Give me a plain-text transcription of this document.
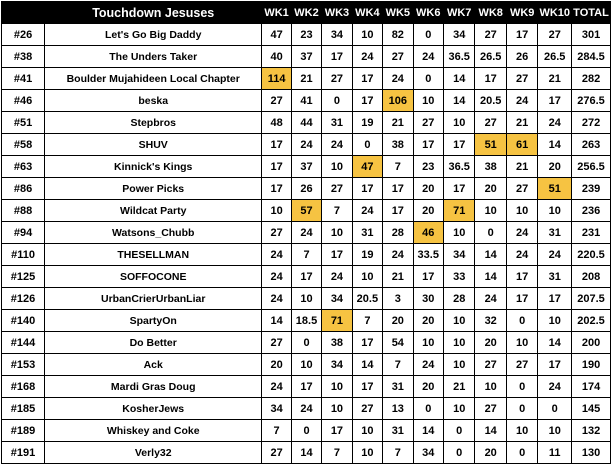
	Touchdown Jesuses	WK1	WK2	WK3	WK4	WK5	WK6	WK7	WK8	WK9	WK10	TOTAL
#26	Let's Go Big Daddy	47	23	34	10	82	0	34	27	17	27	301
#38	The Unders Taker	40	37	17	24	27	24	36.5	26.5	26	26.5	284.5
#41	Boulder Mujahideen Local Chapter	114	21	27	17	24	0	14	17	27	21	282
#46	beska	27	41	0	17	106	10	14	20.5	24	17	276.5
#51	Stepbros	48	44	31	19	21	27	10	27	21	24	272
#58	SHUV	17	24	24	0	38	17	17	51	61	14	263
#63	Kinnick's Kings	17	37	10	47	7	23	36.5	38	21	20	256.5
#86	Power Picks	17	26	27	17	17	20	17	20	27	51	239
#88	Wildcat Party	10	57	7	24	17	20	71	10	10	10	236
#94	Watsons_Chubb	27	24	10	31	28	46	10	0	24	31	231
#110	THESELLMAN	24	7	17	19	24	33.5	34	14	24	24	220.5
#125	SOFFOCONE	24	17	24	10	21	17	33	14	17	31	208
#126	UrbanCrierUrbanLiar	24	10	34	20.5	3	30	28	24	17	17	207.5
#140	SpartyOn	14	18.5	71	7	20	20	10	32	0	10	202.5
#144	Do Better	27	0	38	17	54	10	10	20	10	14	200
#153	Ack	20	10	34	14	7	24	10	27	27	17	190
#168	Mardi Gras Doug	24	17	10	17	31	20	21	10	0	24	174
#185	KosherJews	34	24	10	27	13	0	10	27	0	0	145
#189	Whiskey and Coke	7	0	17	10	31	14	0	14	10	10	132
#191	Verly32	27	14	7	10	7	34	0	20	0	11	130
